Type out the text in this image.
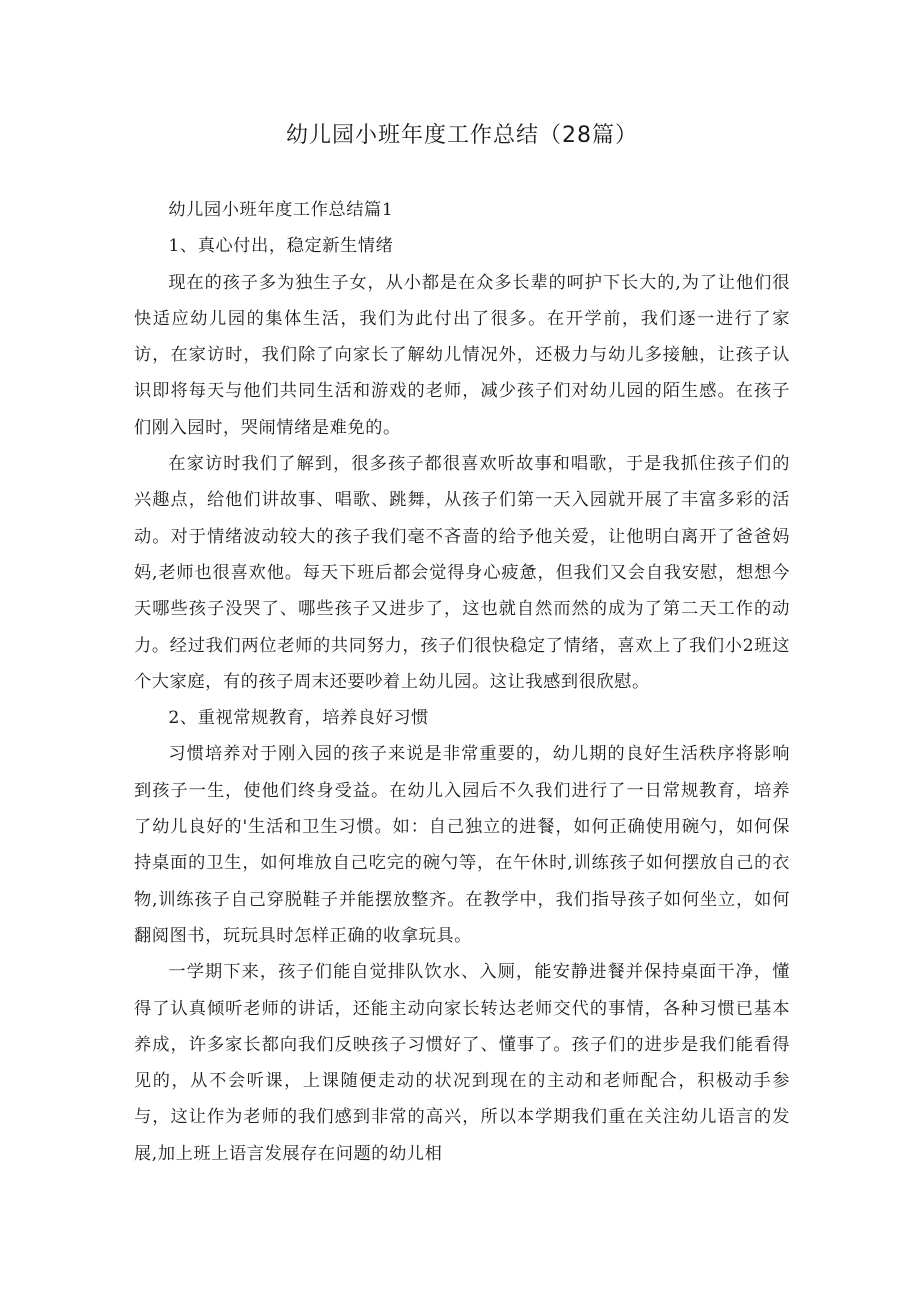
幼儿园小班年度工作总结（28篇）

幼儿园小班年度工作总结篇1

1、真心付出，稳定新生情绪

现在的孩子多为独生子女，从小都是在众多长辈的呵护下长大的,为了让他们很快适应幼儿园的集体生活，我们为此付出了很多。在开学前，我们逐一进行了家访，在家访时，我们除了向家长了解幼儿情况外，还极力与幼儿多接触，让孩子认识即将每天与他们共同生活和游戏的老师，减少孩子们对幼儿园的陌生感。在孩子们刚入园时，哭闹情绪是难免的。

在家访时我们了解到，很多孩子都很喜欢听故事和唱歌，于是我抓住孩子们的兴趣点，给他们讲故事、唱歌、跳舞，从孩子们第一天入园就开展了丰富多彩的活动。对于情绪波动较大的孩子我们毫不吝啬的给予他关爱，让他明白离开了爸爸妈妈,老师也很喜欢他。每天下班后都会觉得身心疲惫，但我们又会自我安慰，想想今天哪些孩子没哭了、哪些孩子又进步了，这也就自然而然的成为了第二天工作的动力。经过我们两位老师的共同努力，孩子们很快稳定了情绪，喜欢上了我们小2班这个大家庭，有的孩子周末还要吵着上幼儿园。这让我感到很欣慰。

2、重视常规教育，培养良好习惯

习惯培养对于刚入园的孩子来说是非常重要的，幼儿期的良好生活秩序将影响到孩子一生，使他们终身受益。在幼儿入园后不久我们进行了一日常规教育，培养了幼儿良好的'生活和卫生习惯。如：自己独立的进餐，如何正确使用碗勺，如何保持桌面的卫生，如何堆放自己吃完的碗勺等，在午休时,训练孩子如何摆放自己的衣物,训练孩子自己穿脱鞋子并能摆放整齐。在教学中，我们指导孩子如何坐立，如何翻阅图书，玩玩具时怎样正确的收拿玩具。

一学期下来，孩子们能自觉排队饮水、入厕，能安静进餐并保持桌面干净，懂得了认真倾听老师的讲话，还能主动向家长转达老师交代的事情，各种习惯已基本养成，许多家长都向我们反映孩子习惯好了、懂事了。孩子们的进步是我们能看得见的，从不会听课，上课随便走动的状况到现在的主动和老师配合，积极动手参与，这让作为老师的我们感到非常的高兴，所以本学期我们重在关注幼儿语言的发展,加上班上语言发展存在问题的幼儿相
